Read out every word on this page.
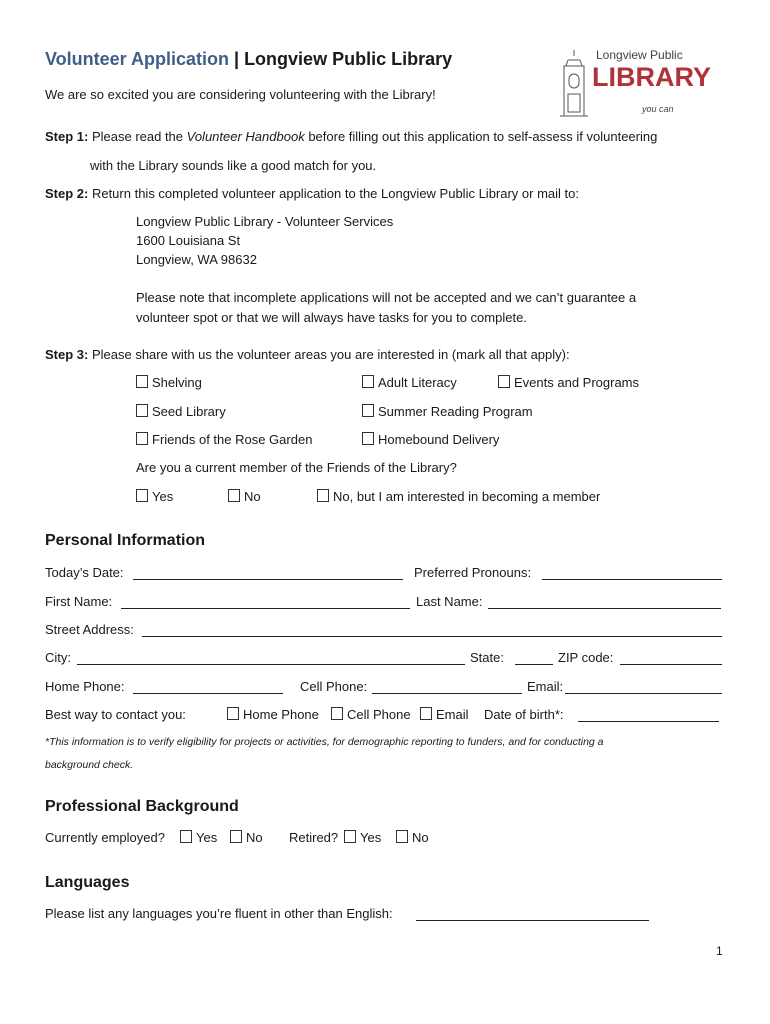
Volunteer Application | Longview Public Library
We are so excited you are considering volunteering with the Library!
Longview Public
LIBRARY
you can
Step 1: Please read the Volunteer Handbook before filling out this application to self-assess if volunteering
with the Library sounds like a good match for you.
Step 2: Return this completed volunteer application to the Longview Public Library or mail to:
Longview Public Library - Volunteer Services
1600 Louisiana St
Longview, WA 98632
Please note that incomplete applications will not be accepted and we can’t guarantee a
volunteer spot or that we will always have tasks for you to complete.
Step 3: Please share with us the volunteer areas you are interested in (mark all that apply):
Shelving	Adult Literacy	Events and Programs
Seed Library	Summer Reading Program
Friends of the Rose Garden	Homebound Delivery
Are you a current member of the Friends of the Library?
Yes	No	No, but I am interested in becoming a member
Personal Information
Today’s Date:	Preferred Pronouns:
First Name:	Last Name:
Street Address:
City:	State:	ZIP code:
Home Phone:	Cell Phone:	Email:
Best way to contact you:	Home Phone	Cell Phone	Email Date of birth*:
*This information is to verify eligibility for projects or activities, for demographic reporting to funders, and for conducting a
background check.
Professional Background
Currently employed?	Yes	No Retired?	Yes	No
Languages
Please list any languages you’re fluent in other than English:
1
